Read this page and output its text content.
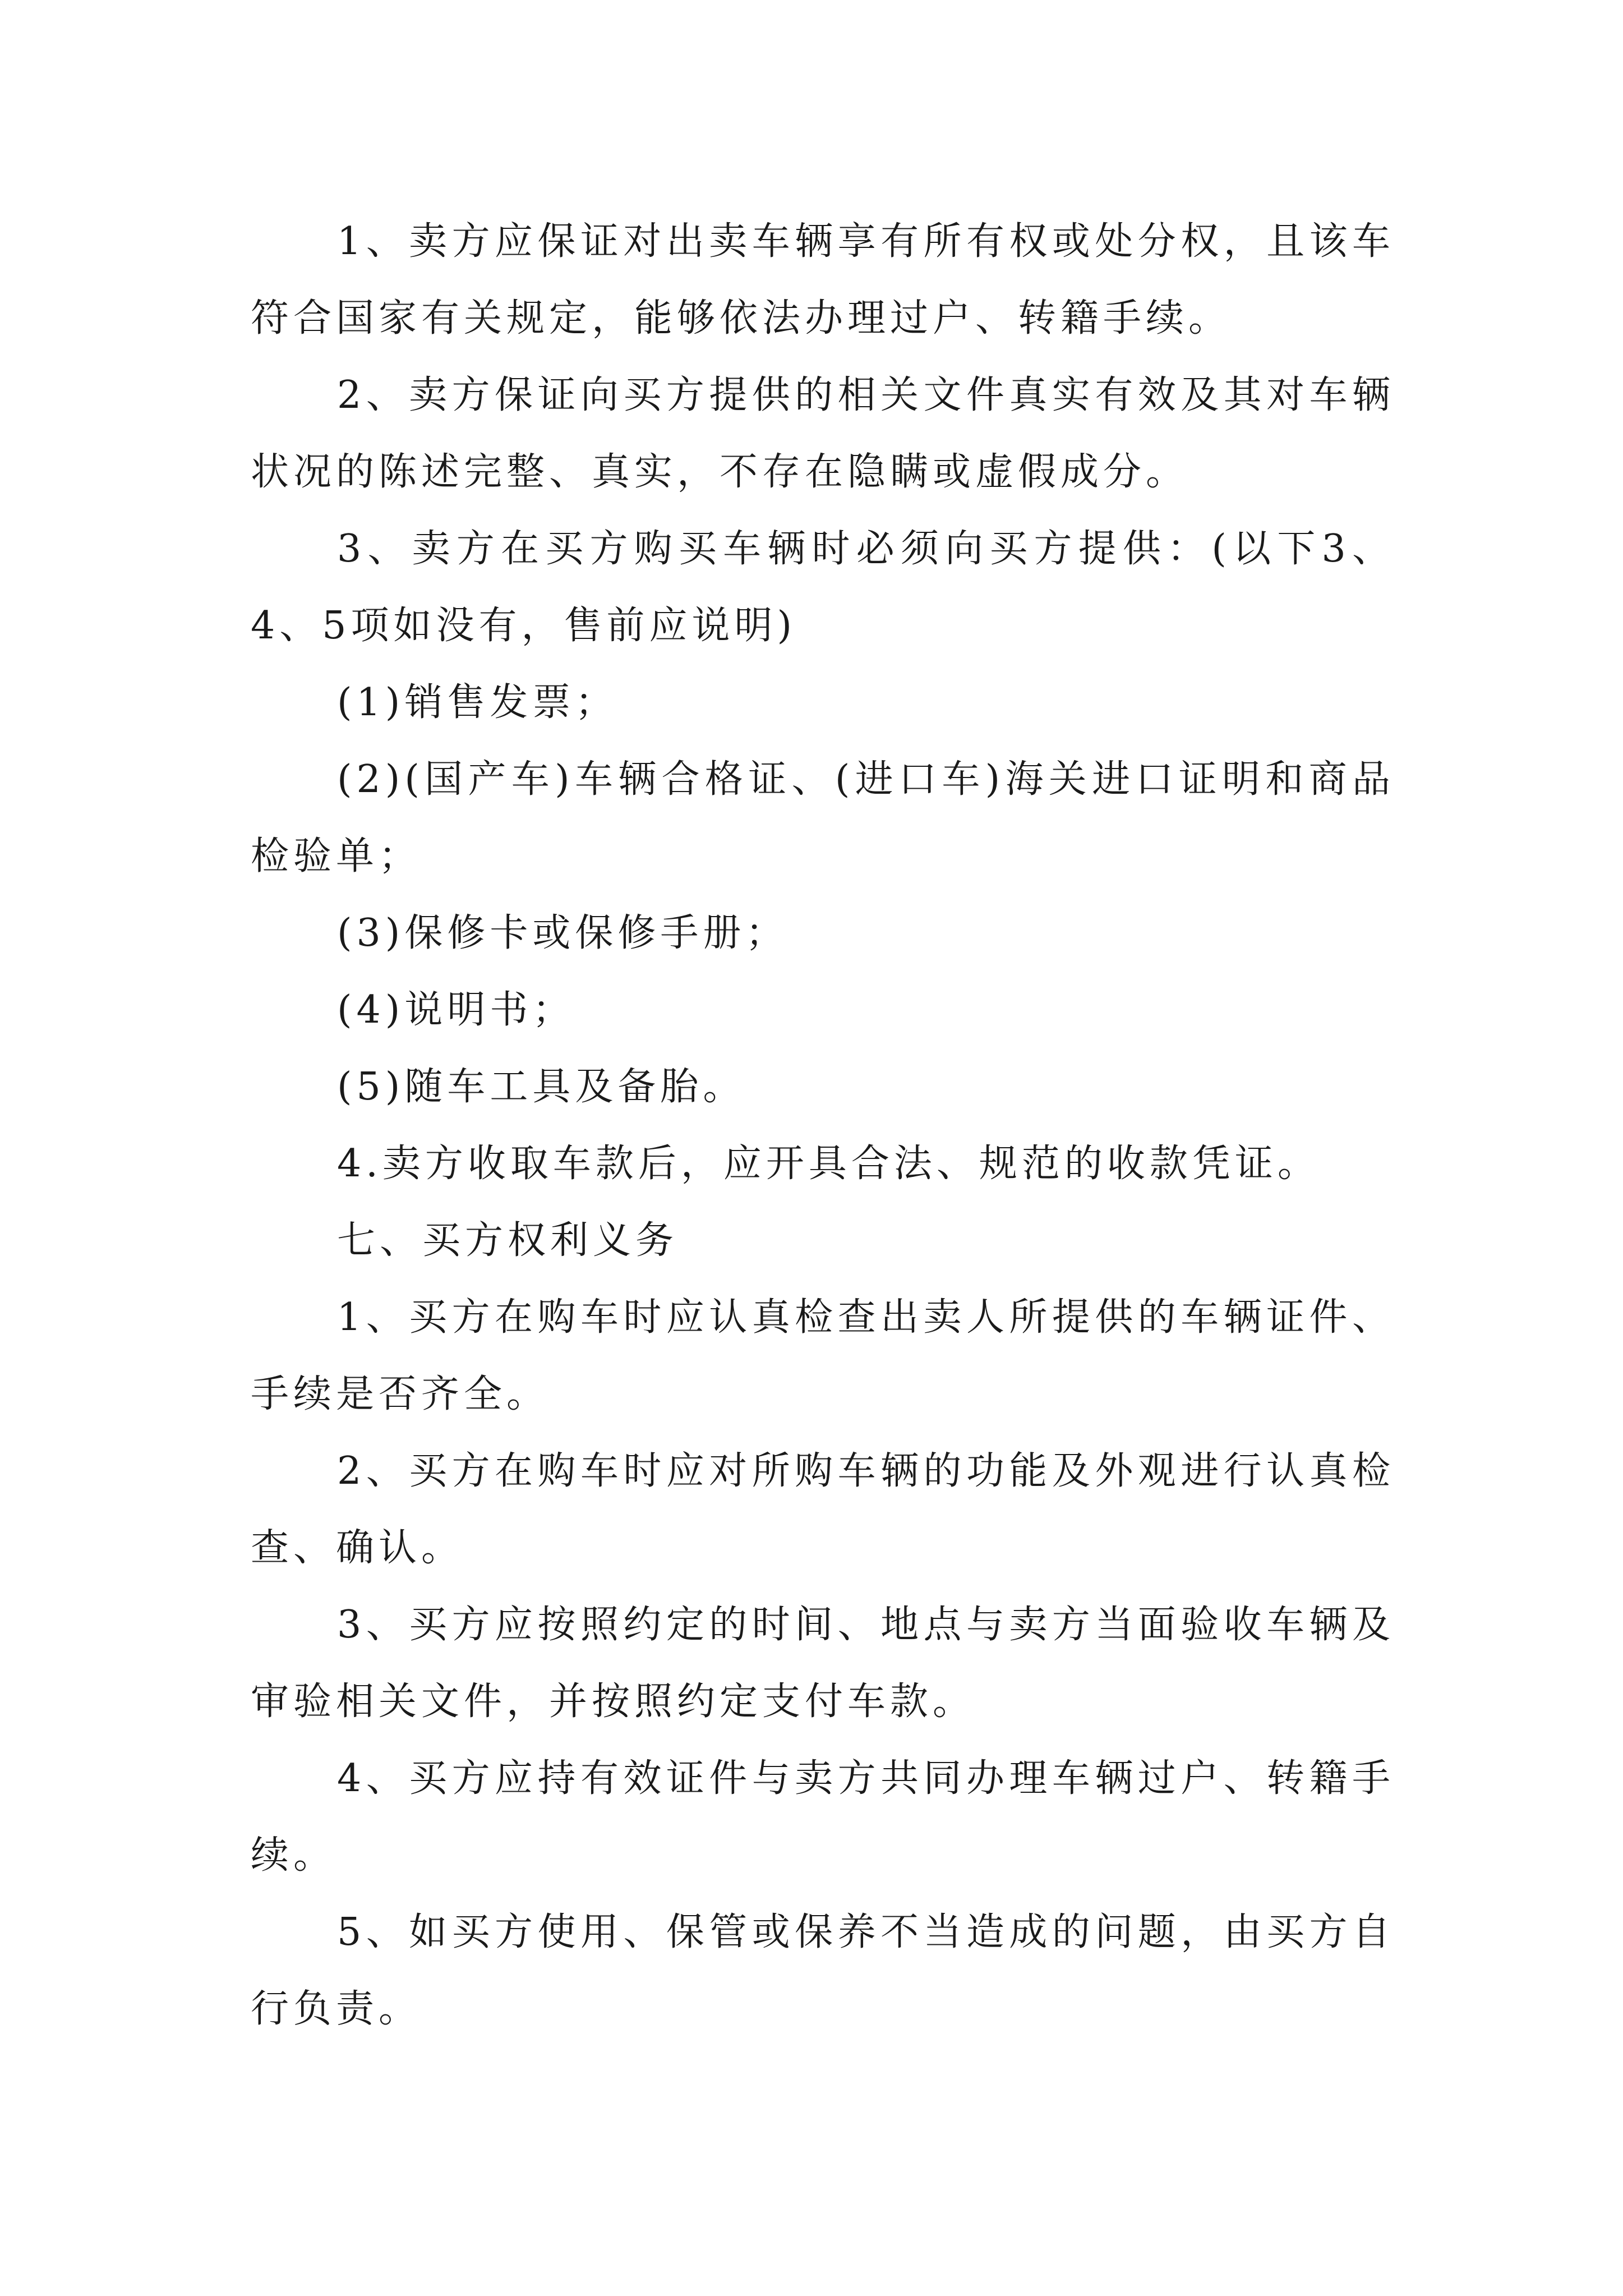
1、卖方应保证对出卖车辆享有所有权或处分权，且该车符合国家有关规定，能够依法办理过户、转籍手续。

2、卖方保证向买方提供的相关文件真实有效及其对车辆状况的陈述完整、真实，不存在隐瞒或虚假成分。

3、卖方在买方购买车辆时必须向买方提供：(以下3、4、5项如没有，售前应说明)

(1)销售发票；

(2)(国产车)车辆合格证、(进口车)海关进口证明和商品检验单；

(3)保修卡或保修手册；

(4)说明书；

(5)随车工具及备胎。

4.卖方收取车款后，应开具合法、规范的收款凭证。

七、买方权利义务

1、买方在购车时应认真检查出卖人所提供的车辆证件、手续是否齐全。

2、买方在购车时应对所购车辆的功能及外观进行认真检查、确认。

3、买方应按照约定的时间、地点与卖方当面验收车辆及审验相关文件，并按照约定支付车款。

4、买方应持有效证件与卖方共同办理车辆过户、转籍手续。

5、如买方使用、保管或保养不当造成的问题，由买方自行负责。
